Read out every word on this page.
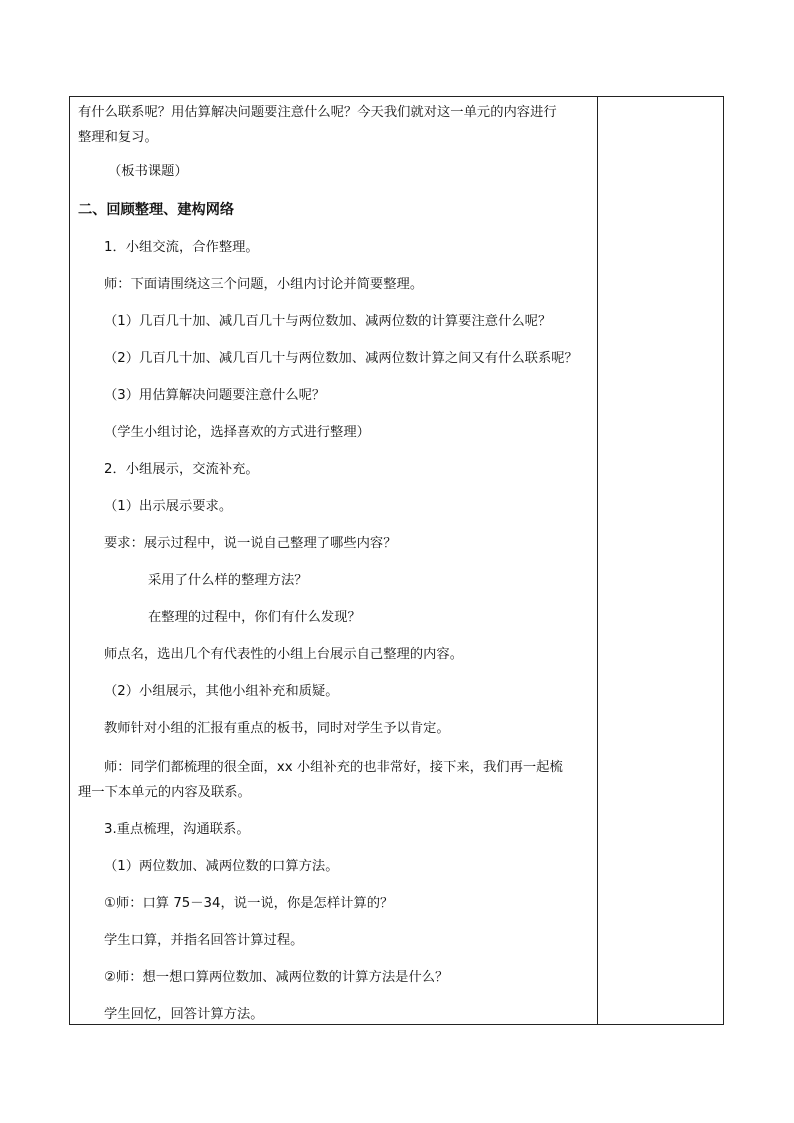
有什么联系呢？用估算解决问题要注意什么呢？今天我们就对这一单元的内容进行
整理和复习。
（板书课题）
二、回顾整理、建构网络
1．小组交流，合作整理。
师：下面请围绕这三个问题，小组内讨论并简要整理。
（1）几百几十加、减几百几十与两位数加、减两位数的计算要注意什么呢？
（2）几百几十加、减几百几十与两位数加、减两位数计算之间又有什么联系呢？
（3）用估算解决问题要注意什么呢？
（学生小组讨论，选择喜欢的方式进行整理）
2．小组展示，交流补充。
（1）出示展示要求。
要求：展示过程中，说一说自己整理了哪些内容？
采用了什么样的整理方法？
在整理的过程中，你们有什么发现？
师点名，选出几个有代表性的小组上台展示自己整理的内容。
（2）小组展示，其他小组补充和质疑。
教师针对小组的汇报有重点的板书，同时对学生予以肯定。
师：同学们都梳理的很全面，xx 小组补充的也非常好，接下来，我们再一起梳
理一下本单元的内容及联系。
3.重点梳理，沟通联系。
（1）两位数加、减两位数的口算方法。
①师：口算 75－34，说一说，你是怎样计算的？
学生口算，并指名回答计算过程。
②师：想一想口算两位数加、减两位数的计算方法是什么？
学生回忆，回答计算方法。
